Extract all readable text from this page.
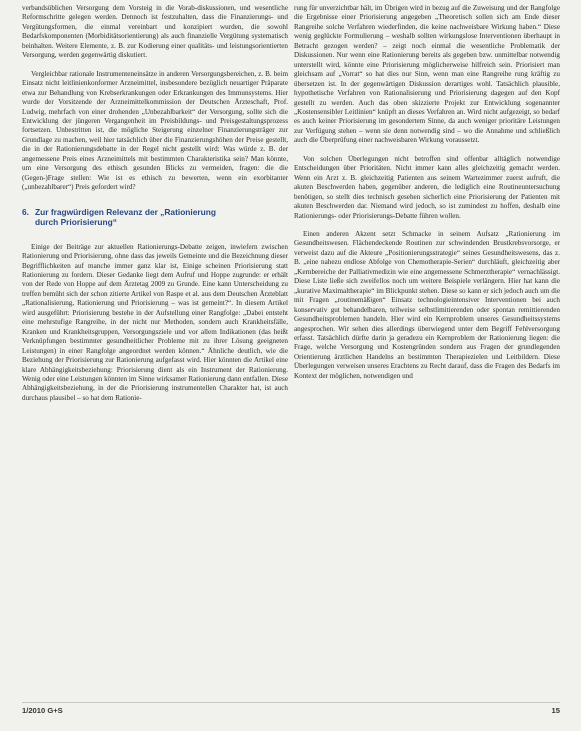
verbandsüblichen Versorgung dem Vorsteig in die Vorab-diskussionen, und wesentliche Reformschritte gelegen werden. Dennoch ist festzuhalten, dass die Finanzierungs- und Vergütungsformen, die einmal vereinbart und konzipiert wurden, die sowohl Bedarfskomponenten (Morbiditätsorientierung) als auch finanzielle Vergütung systematisch beinhalten. Weitere Elemente, z. B. zur Kodierung einer qualitäts- und leistungsorientierten Versorgung, werden gegenwärtig diskutiert.

Vergleichbar rationale Instrumenteneinsätze in anderen Versorgungsbereichen, z. B. beim Einsatz nicht leitlinienkonformer Arzneimittel, insbesondere bezüglich neuartiger Präparate etwa zur Behandlung von Krebserkrankungen oder Erkrankungen des Immunsystems. Hier wurde der Vorsitzende der Arzneimittelkommission der Deutschen Ärzteschaft, Prof. Ludwig, mehrfach von einer drohenden „Unbezahlbarkeit“ der Versorgung, sollte sich die Entwicklung der jüngeren Vergangenheit im Preisbildungs- und Preisgestaltungsprozess fortsetzen. Unbestritten ist, die mögliche Steigerung einzelner Finanzierungsträger zur Grundlage zu machen, weil hier tatsächlich über die Finanzierungshöhen der Preise gestellt, die in der Rationierungsdebatte in der Regel nicht gestellt wird: Was würde z. B. der angemessene Preis eines Arzneimittels mit bestimmten Charakteristika sein? Man könnte, um eine Versorgung des ethisch gesunden Blicks zu vermeiden, fragen: die die (Gegen-)Frage stellen: Wie ist es ethisch zu bewerten, wenn ein exorbitanter („unbezahlbarer“) Preis gefordert wird?

6. Zur fragwürdigen Relevanz der „Rationierung
durch Priorisierung“

Einige der Beiträge zur aktuellen Rationierungs-Debatte zeigen, inwiefern zwischen Rationierung und Priorisierung, ohne dass das jeweils Gemeinte und die Bezeichnung dieser Begrifflichkeiten auf manche immer ganz klar ist, Einige scheinen Priorisierung statt Rationierung zu fordern. Dieser Gedanke liegt dem Aufruf und Hoppe zugrunde: er erhält von der Rede von Hoppe auf dem Ärztetag 2009 zu Grunde. Eine kann Unterscheidung zu treffen bemüht sich der schon zitierte Artikel von Raspe et al. aus dem Deutschen Ärzteblatt „Rationalisierung, Rationierung und Priorisierung – was ist gemeint?“. In diesem Artikel wird ausgeführt: Priorisierung bestehe in der Aufstellung einer Rangfolge: „Dabei entsteht eine mehrstufige Rangreihe, in der nicht nur Methoden, sondern auch Krankheitsfälle, Kranken und Krankheitsgruppen, Versorgungsziele und vor allem Indikationen (das heißt Verknüpfungen bestimmter gesundheitlicher Probleme mit zu ihrer Lösung geeigneten Leistungen) in einer Rangfolge angeordnet werden können.“ Ähnliche deutlich, wie die Beziehung der Priorisierung zur Rationierung aufgefasst wird. Hier könnten die Artikel eine klare Abhängigkeitsbeziehung: Priorisierung dient als ein Instrument der Rationierung. Wenig oder eine Leistungen könnten im Sinne wirksamer Rationierung dann entfallen. Diese Abhängigkeitsbeziehung, in der die Priorisierung instrumentellen Charakter hat, ist auch durchaus plausibel – so hat dem Rationie-

rung für unverzichtbar hält, im Übrigen wird in bezug auf die Zuweisung und der Rangfolge die Ergebnisse einer Priorisierung angegeben „Theoretisch sollen sich am Ende dieser Rangreihe solche Verfahren wiederfinden, die keine nachweisbare Wirkung haben.“ Diese wenig geglückte Formulierung – weshalb sollten wirkungslose Interventionen überhaupt in Betracht gezogen werden? – zeigt noch einmal die wesentliche Problematik der Diskussionen. Nur wenn eine Rationierung bereits als gegeben bzw. unmittelbar notwendig unterstellt wird, könnte eine Priorisierung möglicherweise hilfreich sein. Priorisiert man gleichsam auf „Vorrat“ so hat dies nur Sinn, wenn man eine Rangreihe rung kräftig zu übersetzen ist. In der gegenwärtigen Diskussion derartiges wohl. Tatsächlich plausible, hypothetische Verfahren von Rationalisierung und Priorisierung dagegen auf den Kopf gestellt zu werden. Auch das oben skizzierte Projekt zur Entwicklung sogenannter „Kostensensibler Leitlinien“ knüpft an dieses Verfahren an. Wird nicht aufgezeigt, so bedarf es auch keiner Priorisierung im gesondertem Sinne, da auch weniger prioritäre Leistungen zur Verfügung stehen – wenn sie denn notwendig sind – wo die Annahme und schließlich auch die Überprüfung einer nachweisbaren Wirkung voraussetzt.

Von solchen Überlegungen nicht betroffen sind offenbar alltäglich notwendige Entscheidungen über Prioritäten. Nicht immer kann alles gleichzeitig gemacht werden. Wenn ein Arzt z. B. gleichzeitig Patienten aus seinem Wartezimmer zuerst aufruft, die akuten Beschwerden haben, gegenüber anderen, die lediglich eine Routineuntersuchung benötigen, so stellt dies technisch gesehen sicherlich eine Priorisierung der Patienten mit akuten Beschwerden dar. Niemand wird jedoch, so ist zumindest zu hoffen, deshalb eine Rationierungs- oder Priorisierungs-Debatte führen wollen.

Einen anderen Akzent setzt Schmacke in seinem Aufsatz „Rationierung im Gesundheitswesen. Flächendeckende Routinen zur schwindenden Brustkrebsvorsorge, er verweist dazu auf die Akteure „Positionierungsstrategie“ seines Gesundheitswesens, das z. B. „eine nahezu endlose Abfolge von Chemotherapie-Serien“ durchläuft, gleichzeitig aber „Kernbereiche der Palliativmedizin wie eine angemessene Schmerztherapie“ vernachlässigt. Diese Liste ließe sich zweifellos noch um weitere Beispiele verlängern. Hier hat kann die „kurative Maximaltherapie“ im Blickpunkt stehen. Diese so kann er sich jedoch auch um die mit Fragen „routinemäßigen“ Einsatz technologieintensiver Interventionen bei auch konservativ gut behandelbaren, teilweise selbstlimitierenden oder spontan remittierenden Gesundheitsproblemen handeln. Hier wird ein Kernproblem unseres Gesundheitssystems angesprochen. Wir sehen dies allerdings überwiegend unter dem Begriff Fehlversorgung erfasst. Tatsächlich dürfte darin ja geradezu ein Kernproblem der Rationierung liegen: die Frage, welche Versorgung und Kostengründen sondern aus Fragen der grundlegenden Orientierung ärztlichen Handelns an bestimmten Therapiezielen und Leitbildern. Diese Überlegungen verweisen unseres Erachtens zu Recht darauf, dass die Fragen des Bedarfs im Kontext der möglichen, notwendigen und

1/2010 G+S	15
